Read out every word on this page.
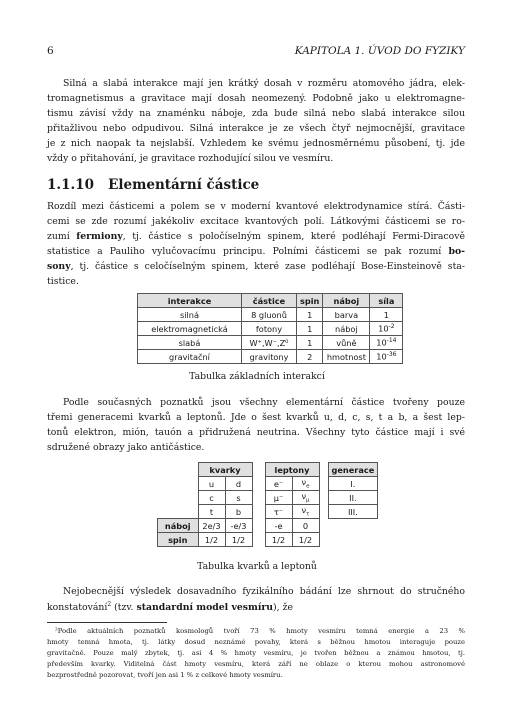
6	KAPITOLA 1. ÚVOD DO FYZIKY
Silná a slabá interakce mají jen krátký dosah v rozměru atomového jádra, elek-
tromagnetismus a gravitace mají dosah neomezený. Podobně jako u elektromagne-
tismu závisí vždy na znaménku náboje, zda bude silná nebo slabá interakce silou
přitažlivou nebo odpudivou. Silná interakce je ze všech čtyř nejmocnější, gravitace
je z nich naopak ta nejslabší. Vzhledem ke svému jednosměrnému působení, tj. jde
vždy o přitahování, je gravitace rozhodující silou ve vesmíru.
1.1.10 Elementární částice
Rozdíl mezi částicemi a polem se v moderní kvantové elektrodynamice stírá. Části-
cemi se zde rozumí jakékoliv excitace kvantových polí. Látkovými částicemi se ro-
zumí fermiony, tj. částice s poločíselným spinem, které podléhají Fermi-Diracově
statistice a Pauliho vylučovacímu principu. Polními částicemi se pak rozumí bo-
sony, tj. částice s celočíselným spinem, které zase podléhají Bose-Einsteinově sta-
tistice.
interakce	částice	spin	náboj	síla
silná	8 gluonů	1	barva	1
elektromagnetická	fotony	1	náboj	$10^{-2}$
slabá	W⁺,W⁻,Z⁰	1	vůně	$10^{-14}$
gravitační	gravitony	2	hmotnost	$10^{-36}$
Tabulka základních interakcí
Podle současných poznatků jsou všechny elementární částice tvořeny pouze
třemi generacemi kvarků a leptonů. Jde o šest kvarků u, d, c, s, t a b, a šest lep-
tonů elektron, mión, tauón a přidružená neutrina. Všechny tyto částice mají i své
sdružené obrazy jako antičástice.
	kvarky			leptony			generace
	u	d		e⁻	$\nu_e$		I.
	c	s		μ⁻	$\nu_\mu$		II.
	t	b		τ⁻	$\nu_\tau$		III.
náboj	2e/3	-e/3		-e	0		
spin	1/2	1/2		1/2	1/2		
Tabulka kvarků a leptonů
Nejobecnější výsledek dosavadního fyzikálního bádání lze shrnout do stručného
konstatování$^2$ (tzv. standardní model vesmíru), že
²Podle aktuálních poznatků kosmologů tvoří 73 % hmoty vesmíru temná energie a 23 %
hmoty temná hmota, tj. látky dosud neznámé povahy, která s běžnou hmotou interaguje pouze
gravitačně. Pouze malý zbytek, tj. asi 4 % hmoty vesmíru, je tvořen běžnou a známou hmotou, tj.
především kvarky. Viditelná část hmoty vesmíru, která září ne oblaze o kterou mohou astronomové
bezprostředně pozorovat, tvoří jen asi 1 % z celkové hmoty vesmíru.
